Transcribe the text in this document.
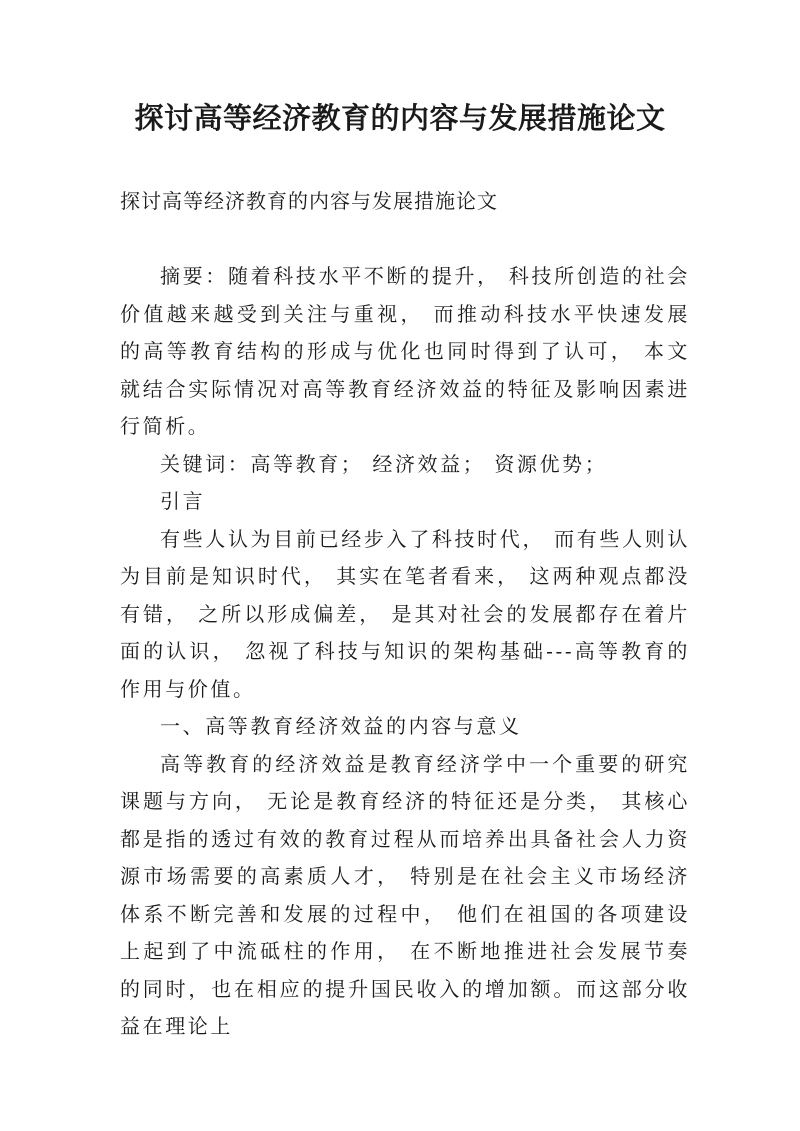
探讨高等经济教育的内容与发展措施论文

探讨高等经济教育的内容与发展措施论文

摘要：随着科技水平不断的提升， 科技所创造的社会价值越来越受到关注与重视， 而推动科技水平快速发展的高等教育结构的形成与优化也同时得到了认可， 本文就结合实际情况对高等教育经济效益的特征及影响因素进行简析。

关键词：高等教育； 经济效益； 资源优势；

引言

有些人认为目前已经步入了科技时代， 而有些人则认为目前是知识时代， 其实在笔者看来， 这两种观点都没有错， 之所以形成偏差， 是其对社会的发展都存在着片面的认识， 忽视了科技与知识的架构基础---高等教育的作用与价值。

一、高等教育经济效益的内容与意义

高等教育的经济效益是教育经济学中一个重要的研究课题与方向， 无论是教育经济的特征还是分类， 其核心都是指的透过有效的教育过程从而培养出具备社会人力资源市场需要的高素质人才， 特别是在社会主义市场经济体系不断完善和发展的过程中， 他们在祖国的各项建设上起到了中流砥柱的作用， 在不断地推进社会发展节奏的同时，也在相应的提升国民收入的增加额。而这部分收益在理论上
